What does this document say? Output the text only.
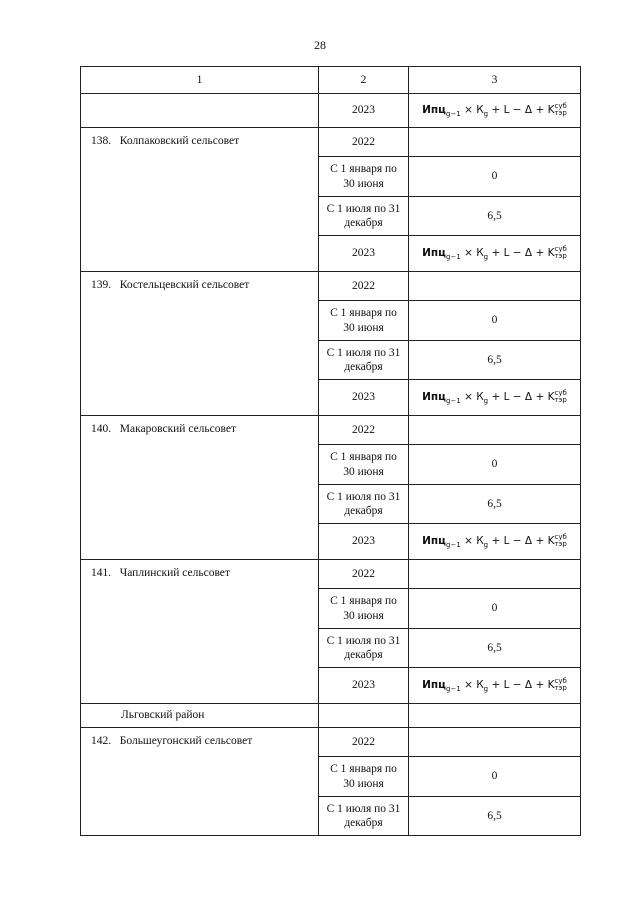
28
1	2	3
	2023	$Ипц_{g-1} \times К_g + L - \Delta + K$ суб
тэр

138.   Колпаковский сельсовет	2022	
	С 1 января по 30 июня	0
	С 1 июля по 31 декабря	6,5
	2023	$Ипц_{g-1} \times К_g + L - \Delta + K$ суб
тэр

139.   Костельцевский сельсовет	2022	
	С 1 января по 30 июня	0
	С 1 июля по 31 декабря	6,5
	2023	$Ипц_{g-1} \times К_g + L - \Delta + K$ суб
тэр

140.   Макаровский сельсовет	2022	
	С 1 января по 30 июня	0
	С 1 июля по 31 декабря	6,5
	2023	$Ипц_{g-1} \times К_g + L - \Delta + K$ суб
тэр

141.   Чаплинский сельсовет	2022	
	С 1 января по 30 июня	0
	С 1 июля по 31 декабря	6,5
	2023	$Ипц_{g-1} \times К_g + L - \Delta + K$ суб
тэр

Льговский район		
142.   Большеугонский сельсовет	2022	
	С 1 января по 30 июня	0
	С 1 июля по 31 декабря	6,5
